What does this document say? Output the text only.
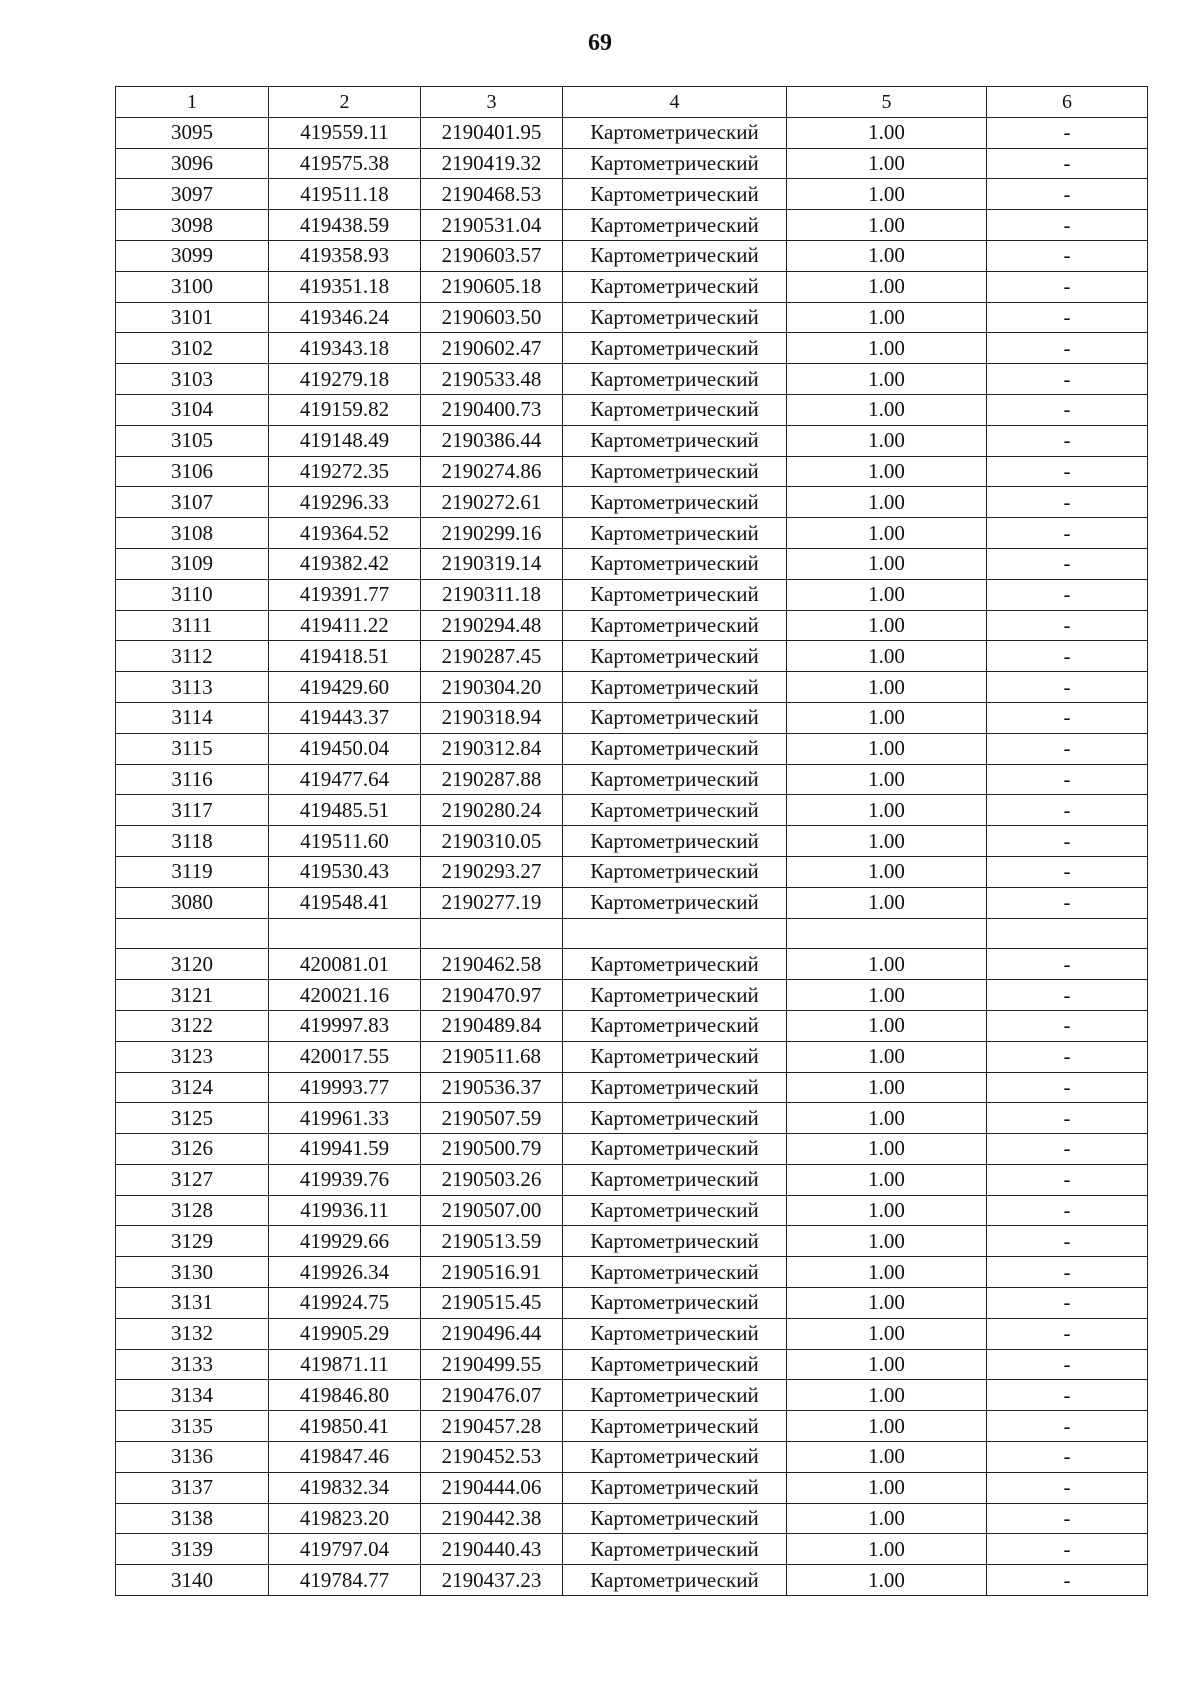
69
1	2	3	4	5	6
3095	419559.11	2190401.95	Картометрический	1.00	-
3096	419575.38	2190419.32	Картометрический	1.00	-
3097	419511.18	2190468.53	Картометрический	1.00	-
3098	419438.59	2190531.04	Картометрический	1.00	-
3099	419358.93	2190603.57	Картометрический	1.00	-
3100	419351.18	2190605.18	Картометрический	1.00	-
3101	419346.24	2190603.50	Картометрический	1.00	-
3102	419343.18	2190602.47	Картометрический	1.00	-
3103	419279.18	2190533.48	Картометрический	1.00	-
3104	419159.82	2190400.73	Картометрический	1.00	-
3105	419148.49	2190386.44	Картометрический	1.00	-
3106	419272.35	2190274.86	Картометрический	1.00	-
3107	419296.33	2190272.61	Картометрический	1.00	-
3108	419364.52	2190299.16	Картометрический	1.00	-
3109	419382.42	2190319.14	Картометрический	1.00	-
3110	419391.77	2190311.18	Картометрический	1.00	-
3111	419411.22	2190294.48	Картометрический	1.00	-
3112	419418.51	2190287.45	Картометрический	1.00	-
3113	419429.60	2190304.20	Картометрический	1.00	-
3114	419443.37	2190318.94	Картометрический	1.00	-
3115	419450.04	2190312.84	Картометрический	1.00	-
3116	419477.64	2190287.88	Картометрический	1.00	-
3117	419485.51	2190280.24	Картометрический	1.00	-
3118	419511.60	2190310.05	Картометрический	1.00	-
3119	419530.43	2190293.27	Картометрический	1.00	-
3080	419548.41	2190277.19	Картометрический	1.00	-

3120	420081.01	2190462.58	Картометрический	1.00	-
3121	420021.16	2190470.97	Картометрический	1.00	-
3122	419997.83	2190489.84	Картометрический	1.00	-
3123	420017.55	2190511.68	Картометрический	1.00	-
3124	419993.77	2190536.37	Картометрический	1.00	-
3125	419961.33	2190507.59	Картометрический	1.00	-
3126	419941.59	2190500.79	Картометрический	1.00	-
3127	419939.76	2190503.26	Картометрический	1.00	-
3128	419936.11	2190507.00	Картометрический	1.00	-
3129	419929.66	2190513.59	Картометрический	1.00	-
3130	419926.34	2190516.91	Картометрический	1.00	-
3131	419924.75	2190515.45	Картометрический	1.00	-
3132	419905.29	2190496.44	Картометрический	1.00	-
3133	419871.11	2190499.55	Картометрический	1.00	-
3134	419846.80	2190476.07	Картометрический	1.00	-
3135	419850.41	2190457.28	Картометрический	1.00	-
3136	419847.46	2190452.53	Картометрический	1.00	-
3137	419832.34	2190444.06	Картометрический	1.00	-
3138	419823.20	2190442.38	Картометрический	1.00	-
3139	419797.04	2190440.43	Картометрический	1.00	-
3140	419784.77	2190437.23	Картометрический	1.00	-
